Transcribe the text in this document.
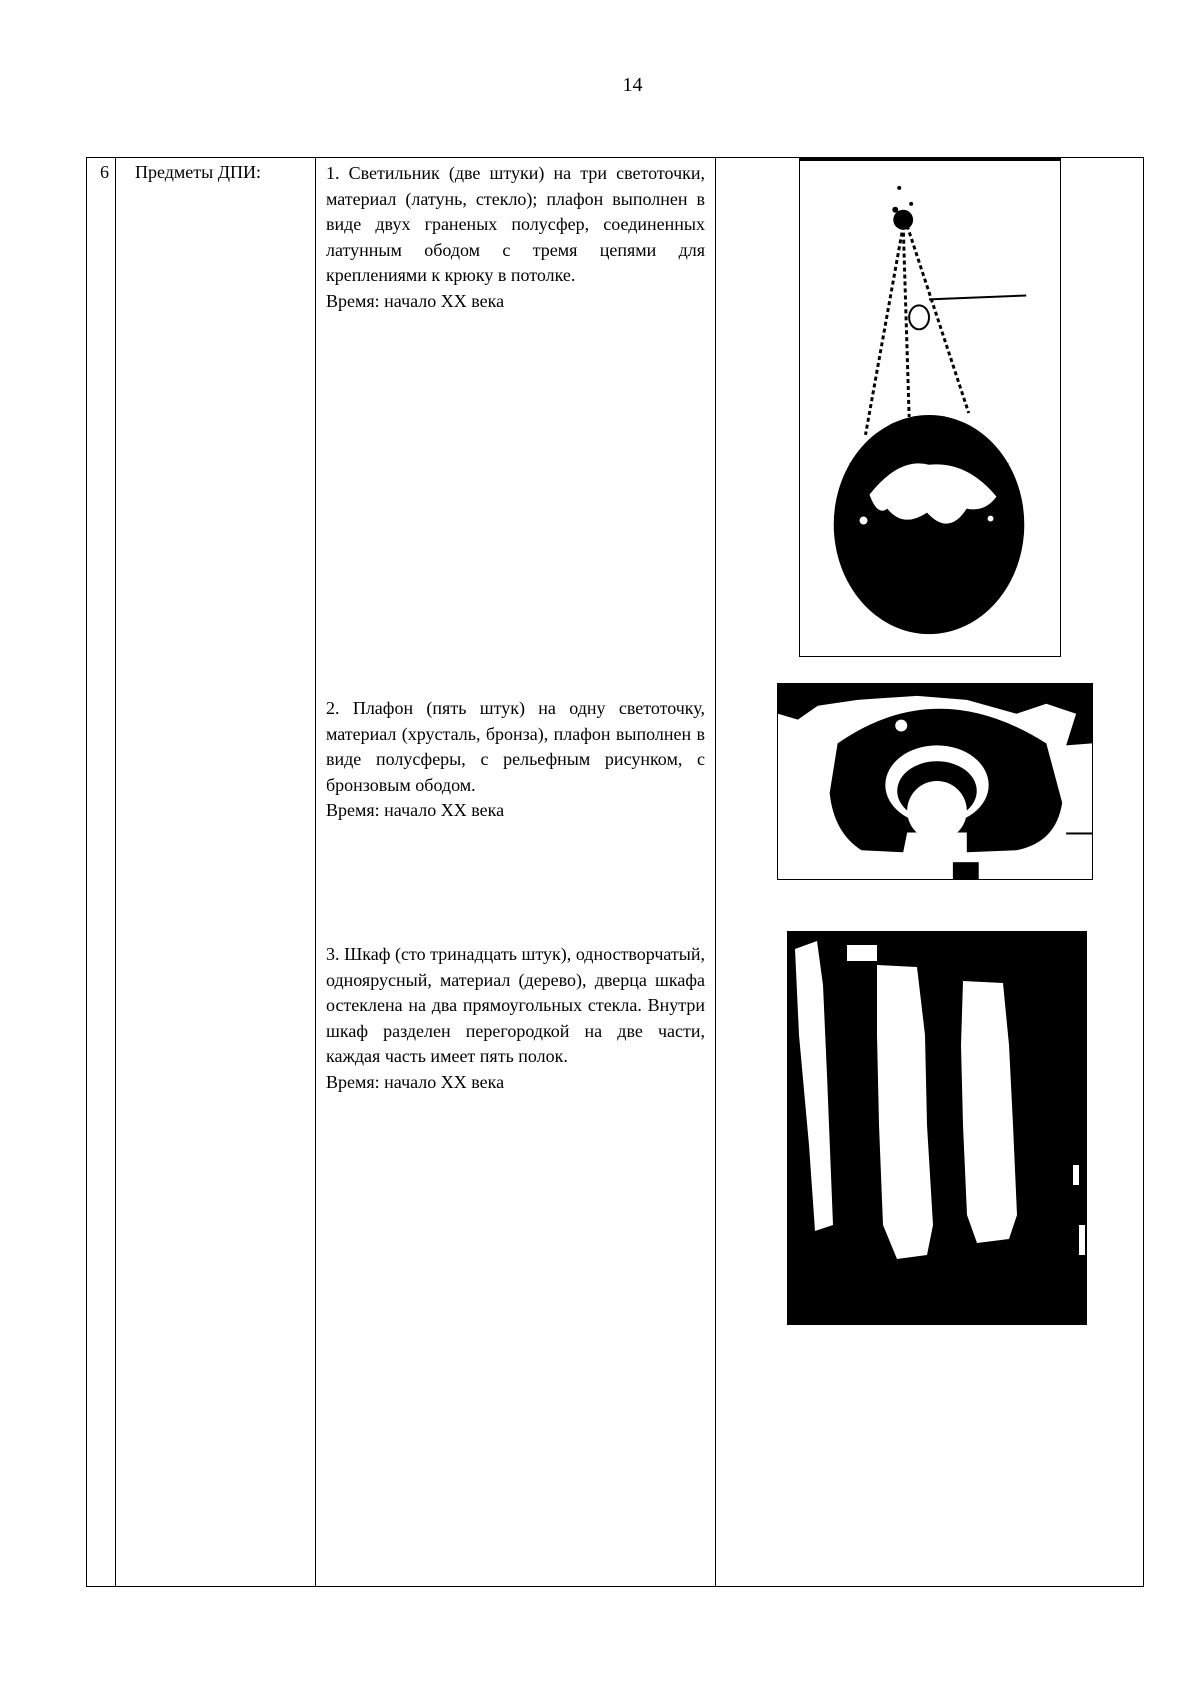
14
6 Предметы ДПИ:	1. Светильник (две штуки) на три светоточки, материал (латунь, стекло); плафон выполнен в виде двух граненых полусфер, соединенных латунным ободом с тремя цепями для креплениями к крюку в потолке.

Время: начало XX века

2. Плафон (пять штук) на одну светоточку, материал (хрусталь, бронза), плафон выполнен в виде полусферы, с рельефным рисунком, с бронзовым ободом.

Время: начало XX века

3. Шкаф (сто тринадцать штук), одностворчатый, одноярусный, материал (дерево), дверца шкафа остеклена на два прямоугольных стекла. Внутри шкаф разделен перегородкой на две части, каждая часть имеет пять полок.

Время: начало XX века
